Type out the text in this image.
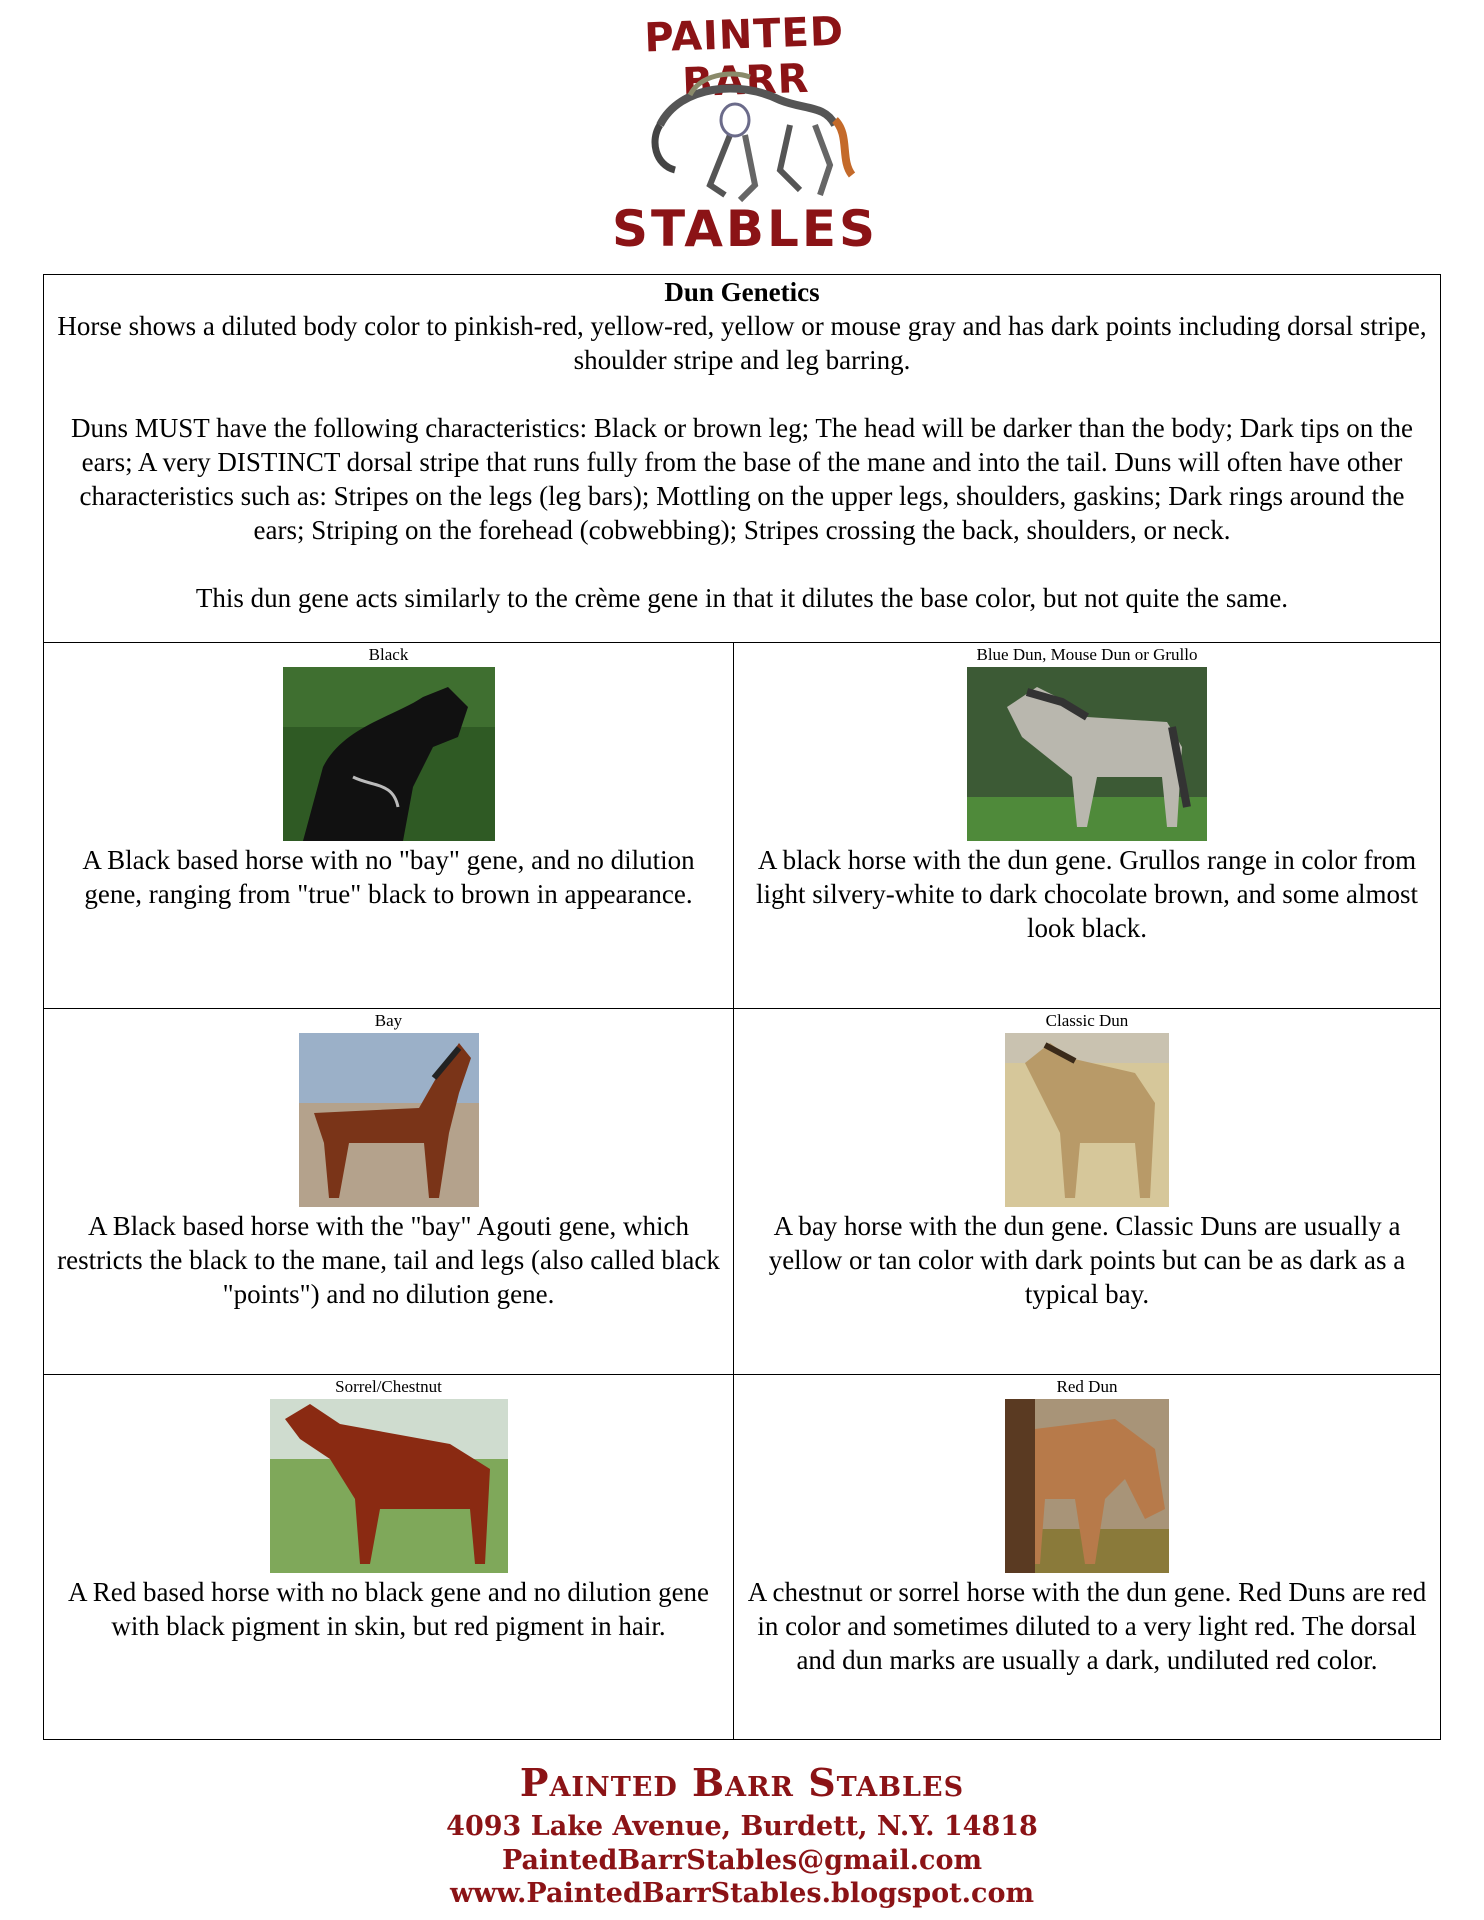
PAINTED BARR
STABLES
Dun Genetics

Horse shows a diluted body color to pinkish-red, yellow-red, yellow or mouse gray and has dark points including dorsal stripe, shoulder stripe and leg barring.

Duns MUST have the following characteristics: Black or brown leg; The head will be darker than the body; Dark tips on the ears; A very DISTINCT dorsal stripe that runs fully from the base of the mane and into the tail. Duns will often have other characteristics such as: Stripes on the legs (leg bars); Mottling on the upper legs, shoulders, gaskins; Dark rings around the ears; Striping on the forehead (cobwebbing); Stripes crossing the back, shoulders, or neck.

This dun gene acts similarly to the crème gene in that it dilutes the base color, but not quite the same.

Black
A Black based horse with no "bay" gene, and no dilution gene, ranging from "true" black to brown in appearance.
Blue Dun, Mouse Dun or Grullo
A black horse with the dun gene. Grullos range in color from light silvery-white to dark chocolate brown, and some almost look black.
Bay
A Black based horse with the "bay" Agouti gene, which restricts the black to the mane, tail and legs (also called black "points") and no dilution gene.
Classic Dun
A bay horse with the dun gene. Classic Duns are usually a yellow or tan color with dark points but can be as dark as a typical bay.
Sorrel/Chestnut
A Red based horse with no black gene and no dilution gene with black pigment in skin, but red pigment in hair.
Red Dun
A chestnut or sorrel horse with the dun gene. Red Duns are red in color and sometimes diluted to a very light red. The dorsal and dun marks are usually a dark, undiluted red color.
Painted Barr Stables
4093 Lake Avenue, Burdett, N.Y. 14818
PaintedBarrStables@gmail.com
www.PaintedBarrStables.blogspot.com
